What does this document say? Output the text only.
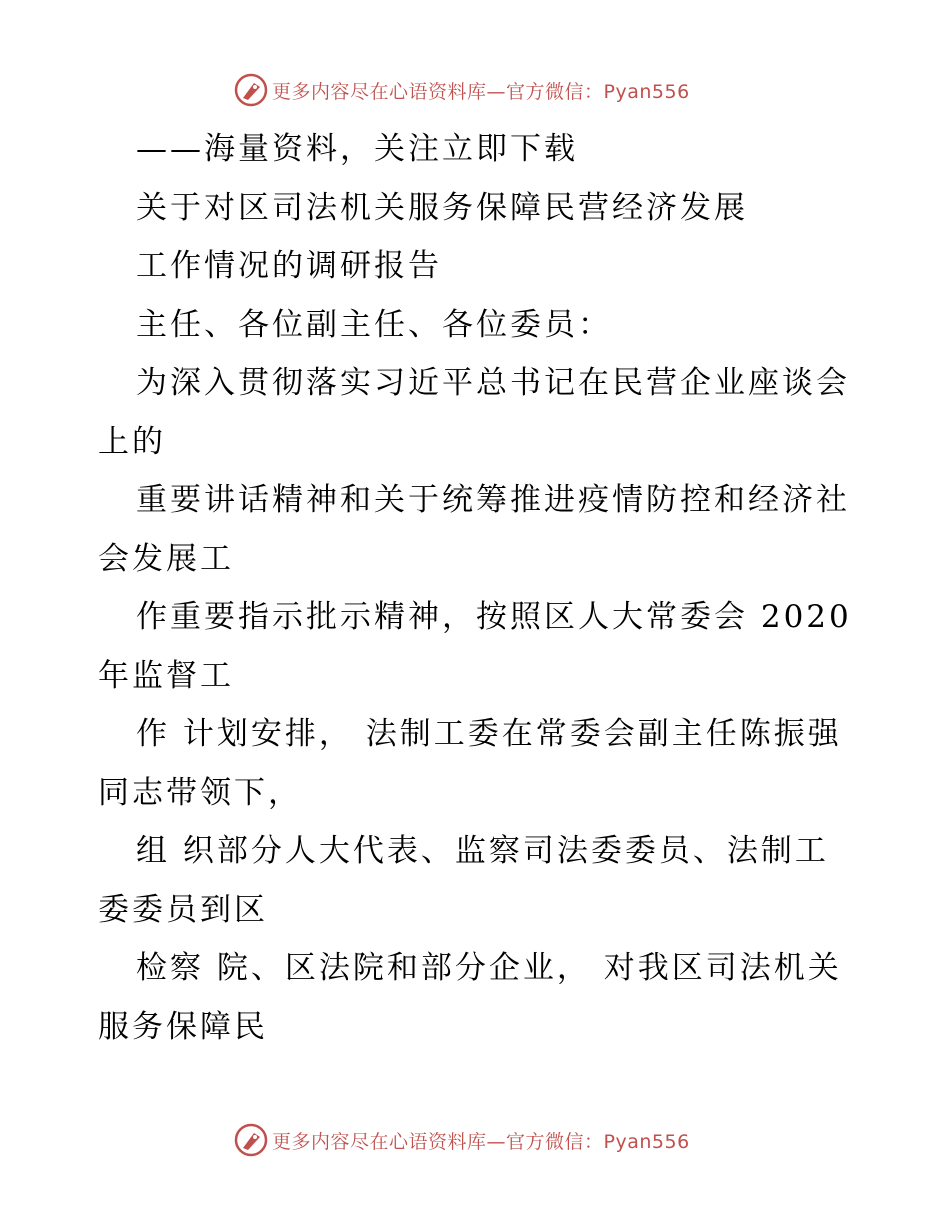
更多内容尽在心语资料库—官方微信：Pyan556
——海量资料，关注立即下载
关于对区司法机关服务保障民营经济发展
工作情况的调研报告
主任、各位副主任、各位委员：
为深入贯彻落实习近平总书记在民营企业座谈会
上的
重要讲话精神和关于统筹推进疫情防控和经济社
会发展工
作重要指示批示精神，按照区人大常委会 2020
年监督工
作 计划安排， 法制工委在常委会副主任陈振强
同志带领下，
组 织部分人大代表、监察司法委委员、法制工
委委员到区
检察 院、区法院和部分企业， 对我区司法机关
服务保障民
更多内容尽在心语资料库—官方微信：Pyan556
